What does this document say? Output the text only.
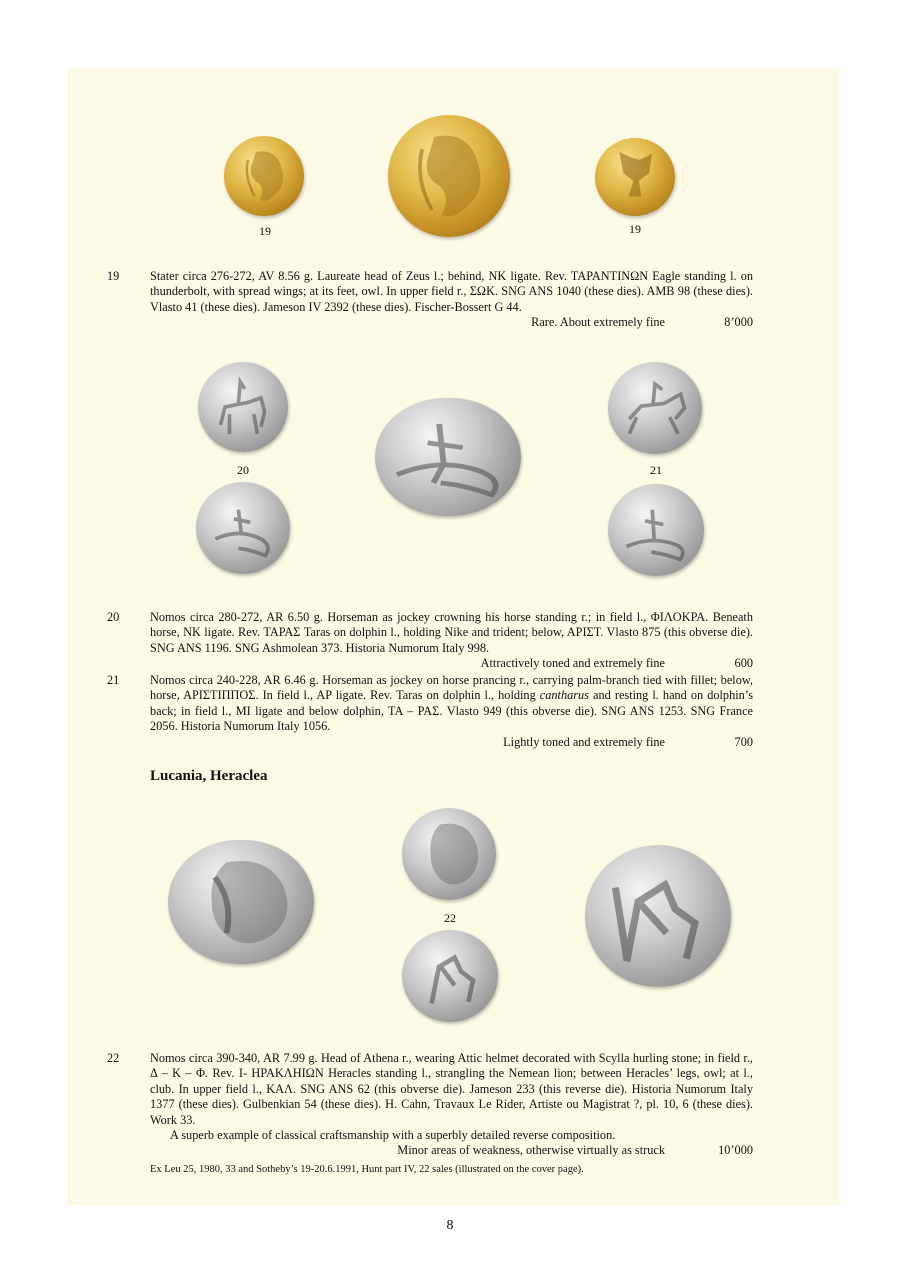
19	19
19 Stater circa 276-272, AV 8.56 g. Laureate head of Zeus l.; behind, NK ligate. Rev. TAPANTINΩN Eagle standing l. on thunderbolt, with spread wings; at its feet, owl. In upper field r., ΣΩK. SNG ANS 1040 (these dies). AMB 98 (these dies). Vlasto 41 (these dies). Jameson IV 2392 (these dies). Fischer-Bossert G 44.
Rare. About extremely fine	8’000
20	21
20 Nomos circa 280-272, AR 6.50 g. Horseman as jockey crowning his horse standing r.; in field l., ΦIΛOKPA. Beneath horse, NK ligate. Rev. TAPAΣ Taras on dolphin l., holding Nike and trident; below, APIΣT. Vlasto 875 (this obverse die). SNG ANS 1196. SNG Ashmolean 373. Historia Numorum Italy 998.
Attractively toned and extremely fine	600
21 Nomos circa 240-228, AR 6.46 g. Horseman as jockey on horse prancing r., carrying palm-branch tied with fillet; below, horse, APIΣTIΠΠOΣ. In field l., AP ligate. Rev. Taras on dolphin l., holding cantharus and resting l. hand on dolphin’s back; in field l., MI ligate and below dolphin, TA – PAΣ. Vlasto 949 (this obverse die). SNG ANS 1253. SNG France 2056. Historia Numorum Italy 1056.
Lightly toned and extremely fine	700
Lucania, Heraclea
22
22 Nomos circa 390-340, AR 7.99 g. Head of Athena r., wearing Attic helmet decorated with Scylla hurling stone; in field r., Δ – K – Φ. Rev. I- HPAKΛHIΩN Heracles standing l., strangling the Nemean lion; between Heracles’ legs, owl; at l., club. In upper field l., KAΛ. SNG ANS 62 (this obverse die). Jameson 233 (this reverse die). Historia Numorum Italy 1377 (these dies). Gulbenkian 54 (these dies). H. Cahn, Travaux Le Rider, Artiste ou Magistrat ?, pl. 10, 6 (these dies). Work 33.
A superb example of classical craftsmanship with a superbly detailed reverse composition.
Minor areas of weakness, otherwise virtually as struck	10’000
Ex Leu 25, 1980, 33 and Sotheby’s 19-20.6.1991, Hunt part IV, 22 sales (illustrated on the cover page).
8
